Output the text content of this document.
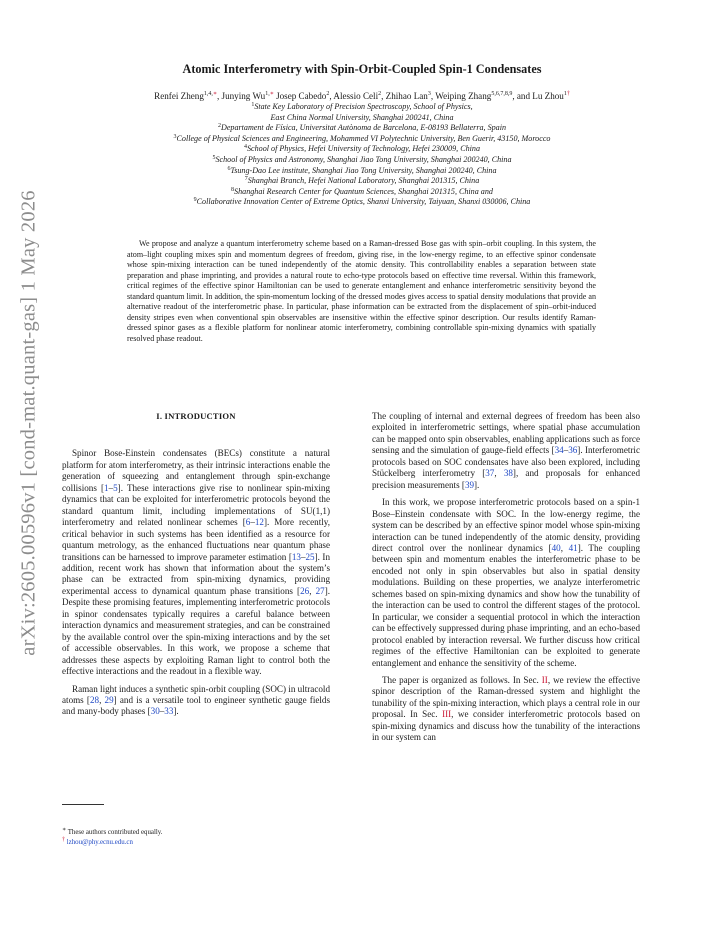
arXiv:2605.00596v1 [cond-mat.quant-gas] 1 May 2026
Atomic Interferometry with Spin-Orbit-Coupled Spin-1 Condensates
Renfei Zheng$^{1,4,∗}$, Junying $Wu^{1,∗}$ Josep Cabedo$^2$, Alessio Celi$^2$, Zhihao Lan$^3$, Weiping Zhang$^{5,6,7,8,9}$, and Lu Zhou$^{1\dagger}$
$^1$State Key Laboratory of Precision Spectroscopy, School of Physics,
East China Normal University, Shanghai 200241, China
$^2$Departament de Física, Universitat Autònoma de Barcelona, E-08193 Bellaterra, Spain
$^3$College of Physical Sciences and Engineering, Mohammed VI Polytechnic University, Ben Guerir, 43150, Morocco
$^4$School of Physics, Hefei University of Technology, Hefei 230009, China
$^5$School of Physics and Astronomy, Shanghai Jiao Tong University, Shanghai 200240, China
$^6$Tsung-Dao Lee institute, Shanghai Jiao Tong University, Shanghai 200240, China
$^7$Shanghai Branch, Hefei National Laboratory, Shanghai 201315, China
$^8$Shanghai Research Center for Quantum Sciences, Shanghai 201315, China and
$^9$Collaborative Innovation Center of Extreme Optics, Shanxi University, Taiyuan, Shanxi 030006, China
We propose and analyze a quantum interferometry scheme based on a Raman-dressed Bose gas with spin–orbit coupling. In this system, the atom–light coupling mixes spin and momentum degrees of freedom, giving rise, in the low-energy regime, to an effective spinor condensate whose spin-mixing interaction can be tuned independently of the atomic density. This controllability enables a separation between state preparation and phase imprinting, and provides a natural route to echo-type protocols based on effective time reversal. Within this framework, critical regimes of the effective spinor Hamiltonian can be used to generate entanglement and enhance interferometric sensitivity beyond the standard quantum limit. In addition, the spin-momentum locking of the dressed modes gives access to spatial density modulations that provide an alternative readout of the interferometric phase. In particular, phase information can be extracted from the displacement of spin–orbit-induced density stripes even when conventional spin observables are insensitive within the effective spinor description. Our results identify Raman-dressed spinor gases as a flexible platform for nonlinear atomic interferometry, combining controllable spin-mixing dynamics with spatially resolved phase readout.
I. INTRODUCTION

Spinor Bose-Einstein condensates (BECs) constitute a natural platform for atom interferometry, as their intrinsic interactions enable the generation of squeezing and entanglement through spin-exchange collisions [1–5]. These interactions give rise to nonlinear spin-mixing dynamics that can be exploited for interferometric protocols beyond the standard quantum limit, including implementations of SU(1,1) interferometry and related nonlinear schemes [6–12]. More recently, critical behavior in such systems has been identified as a resource for quantum metrology, as the enhanced fluctuations near quantum phase transitions can be harnessed to improve parameter estimation [13–25]. In addition, recent work has shown that information about the system’s phase can be extracted from spin-mixing dynamics, providing experimental access to dynamical quantum phase transitions [26, 27]. Despite these promising features, implementing interferometric protocols in spinor condensates typically requires a careful balance between interaction dynamics and measurement strategies, and can be constrained by the available control over the spin-mixing interactions and by the set of accessible observables. In this work, we propose a scheme that addresses these aspects by exploiting Raman light to control both the effective interactions and the readout in a flexible way.

Raman light induces a synthetic spin-orbit coupling (SOC) in ultracold atoms [28, 29] and is a versatile tool to engineer synthetic gauge fields and many-body phases [30–33].

The coupling of internal and external degrees of freedom has been also exploited in interferometric settings, where spatial phase accumulation can be mapped onto spin observables, enabling applications such as force sensing and the simulation of gauge-field effects [34–36]. Interferometric protocols based on SOC condensates have also been explored, including Stückelberg interferometry [37, 38], and proposals for enhanced precision measurements [39].

In this work, we propose interferometric protocols based on a spin-1 Bose–Einstein condensate with SOC. In the low-energy regime, the system can be described by an effective spinor model whose spin-mixing interaction can be tuned independently of the atomic density, providing direct control over the nonlinear dynamics [40, 41]. The coupling between spin and momentum enables the interferometric phase to be encoded not only in spin observables but also in spatial density modulations. Building on these properties, we analyze interferometric schemes based on spin-mixing dynamics and show how the tunability of the interaction can be used to control the different stages of the protocol. In particular, we consider a sequential protocol in which the interaction can be effectively suppressed during phase imprinting, and an echo-based protocol enabled by interaction reversal. We further discuss how critical regimes of the effective Hamiltonian can be exploited to generate entanglement and enhance the sensitivity of the scheme.

The paper is organized as follows. In Sec. II, we review the effective spinor description of the Raman-dressed system and highlight the tunability of the spin-mixing interaction, which plays a central role in our proposal. In Sec. III, we consider interferometric protocols based on spin-mixing dynamics and discuss how the tunability of the interactions in our system can

∗ These authors contributed equally.
† lzhou@phy.ecnu.edu.cn
